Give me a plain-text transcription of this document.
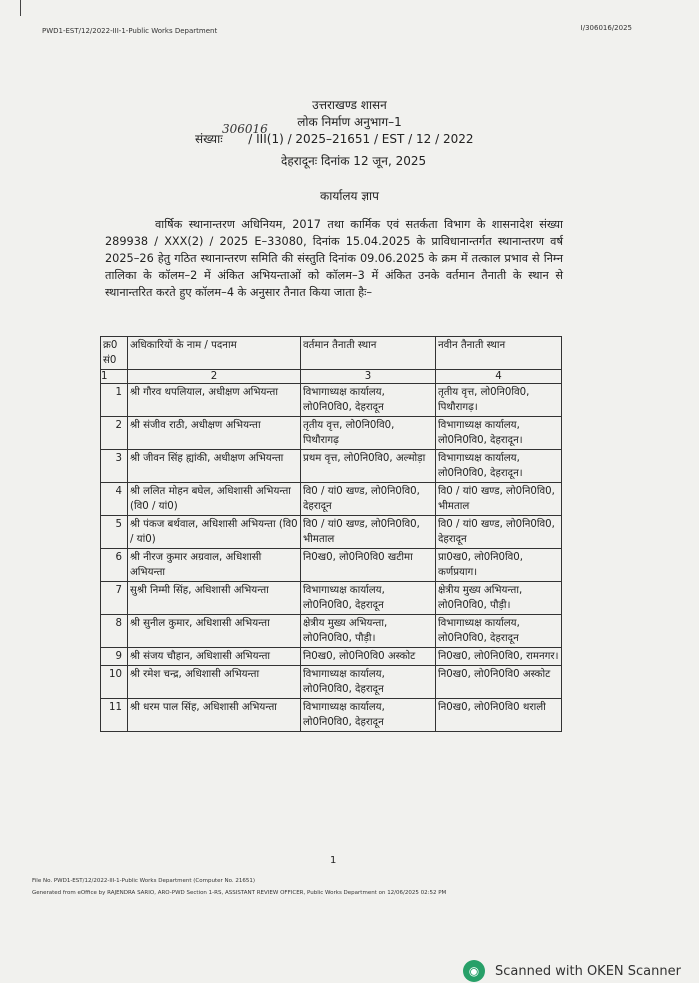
PWD1-EST/12/2022-III-1-Public Works Department	I/306016/2025
उत्तराखण्ड शासन
लोक निर्माण अनुभाग–1
306016
संख्याः / III(1) / 2025–21651 / EST / 12 / 2022
देहरादूनः दिनांक 12 जून, 2025
कार्यालय ज्ञाप
वार्षिक स्थानान्तरण अधिनियम, 2017 तथा कार्मिक एवं सतर्कता विभाग के शासनादेश संख्या 289938 / XXX(2) / 2025 E–33080, दिनांक 15.04.2025 के प्राविधानान्तर्गत स्थानान्तरण वर्ष 2025–26 हेतु गठित स्थानान्तरण समिति की संस्तुति दिनांक 09.06.2025 के क्रम में तत्काल प्रभाव से निम्न तालिका के कॉलम–2 में अंकित अभियन्ताओं को कॉलम–3 में अंकित उनके वर्तमान तैनाती के स्थान से स्थानान्तरित करते हुए कॉलम–4 के अनुसार तैनात किया जाता हैः–
क्र0 सं0	अधिकारियों के नाम / पदनाम	वर्तमान तैनाती स्थान	नवीन तैनाती स्थान
1	2	3	4
1	श्री गौरव थपलियाल, अधीक्षण अभियन्ता	विभागाध्यक्ष कार्यालय, लो0नि0वि0, देहरादून	तृतीय वृत्त, लो0नि0वि0, पिथौरागढ़।
2	श्री संजीव राठी, अधीक्षण अभियन्ता	तृतीय वृत्त, लो0नि0वि0, पिथौरागढ़	विभागाध्यक्ष कार्यालय, लो0नि0वि0, देहरादून।
3	श्री जीवन सिंह ह्यांकी, अधीक्षण अभियन्ता	प्रथम वृत्त, लो0नि0वि0, अल्मोड़ा	विभागाध्यक्ष कार्यालय, लो0नि0वि0, देहरादून।
4	श्री ललित मोहन बघेल, अधिशासी अभियन्ता (वि0 / यां0)	वि0 / यां0 खण्ड, लो0नि0वि0, देहरादून	वि0 / यां0 खण्ड, लो0नि0वि0, भीमताल
5	श्री पंकज बर्थवाल, अधिशासी अभियन्ता (वि0 / यां0)	वि0 / यां0 खण्ड, लो0नि0वि0, भीमताल	वि0 / यां0 खण्ड, लो0नि0वि0, देहरादून
6	श्री नीरज कुमार अग्रवाल, अधिशासी अभियन्ता	नि0ख0, लो0नि0वि0 खटीमा	प्रा0ख0, लो0नि0वि0, कर्णप्रयाग।
7	सुश्री निम्मी सिंह, अधिशासी अभियन्ता	विभागाध्यक्ष कार्यालय, लो0नि0वि0, देहरादून	क्षेत्रीय मुख्य अभियन्ता, लो0नि0वि0, पौड़ी।
8	श्री सुनील कुमार, अधिशासी अभियन्ता	क्षेत्रीय मुख्य अभियन्ता, लो0नि0वि0, पौड़ी।	विभागाध्यक्ष कार्यालय, लो0नि0वि0, देहरादून
9	श्री संजय चौहान, अधिशासी अभियन्ता	नि0ख0, लो0नि0वि0 अस्कोट	नि0ख0, लो0नि0वि0, रामनगर।
10	श्री रमेश चन्द्र, अधिशासी अभियन्ता	विभागाध्यक्ष कार्यालय, लो0नि0वि0, देहरादून	नि0ख0, लो0नि0वि0 अस्कोट
11	श्री धरम पाल सिंह, अधिशासी अभियन्ता	विभागाध्यक्ष कार्यालय, लो0नि0वि0, देहरादून	नि0ख0, लो0नि0वि0 थराली
1
File No. PWD1-EST/12/2022-III-1-Public Works Department (Computer No. 21651)
Generated from eOffice by RAJENDRA SARIO, ARO-PWD Section 1-RS, ASSISTANT REVIEW OFFICER, Public Works Department on 12/06/2025 02:52 PM
◉	Scanned with OKEN Scanner
